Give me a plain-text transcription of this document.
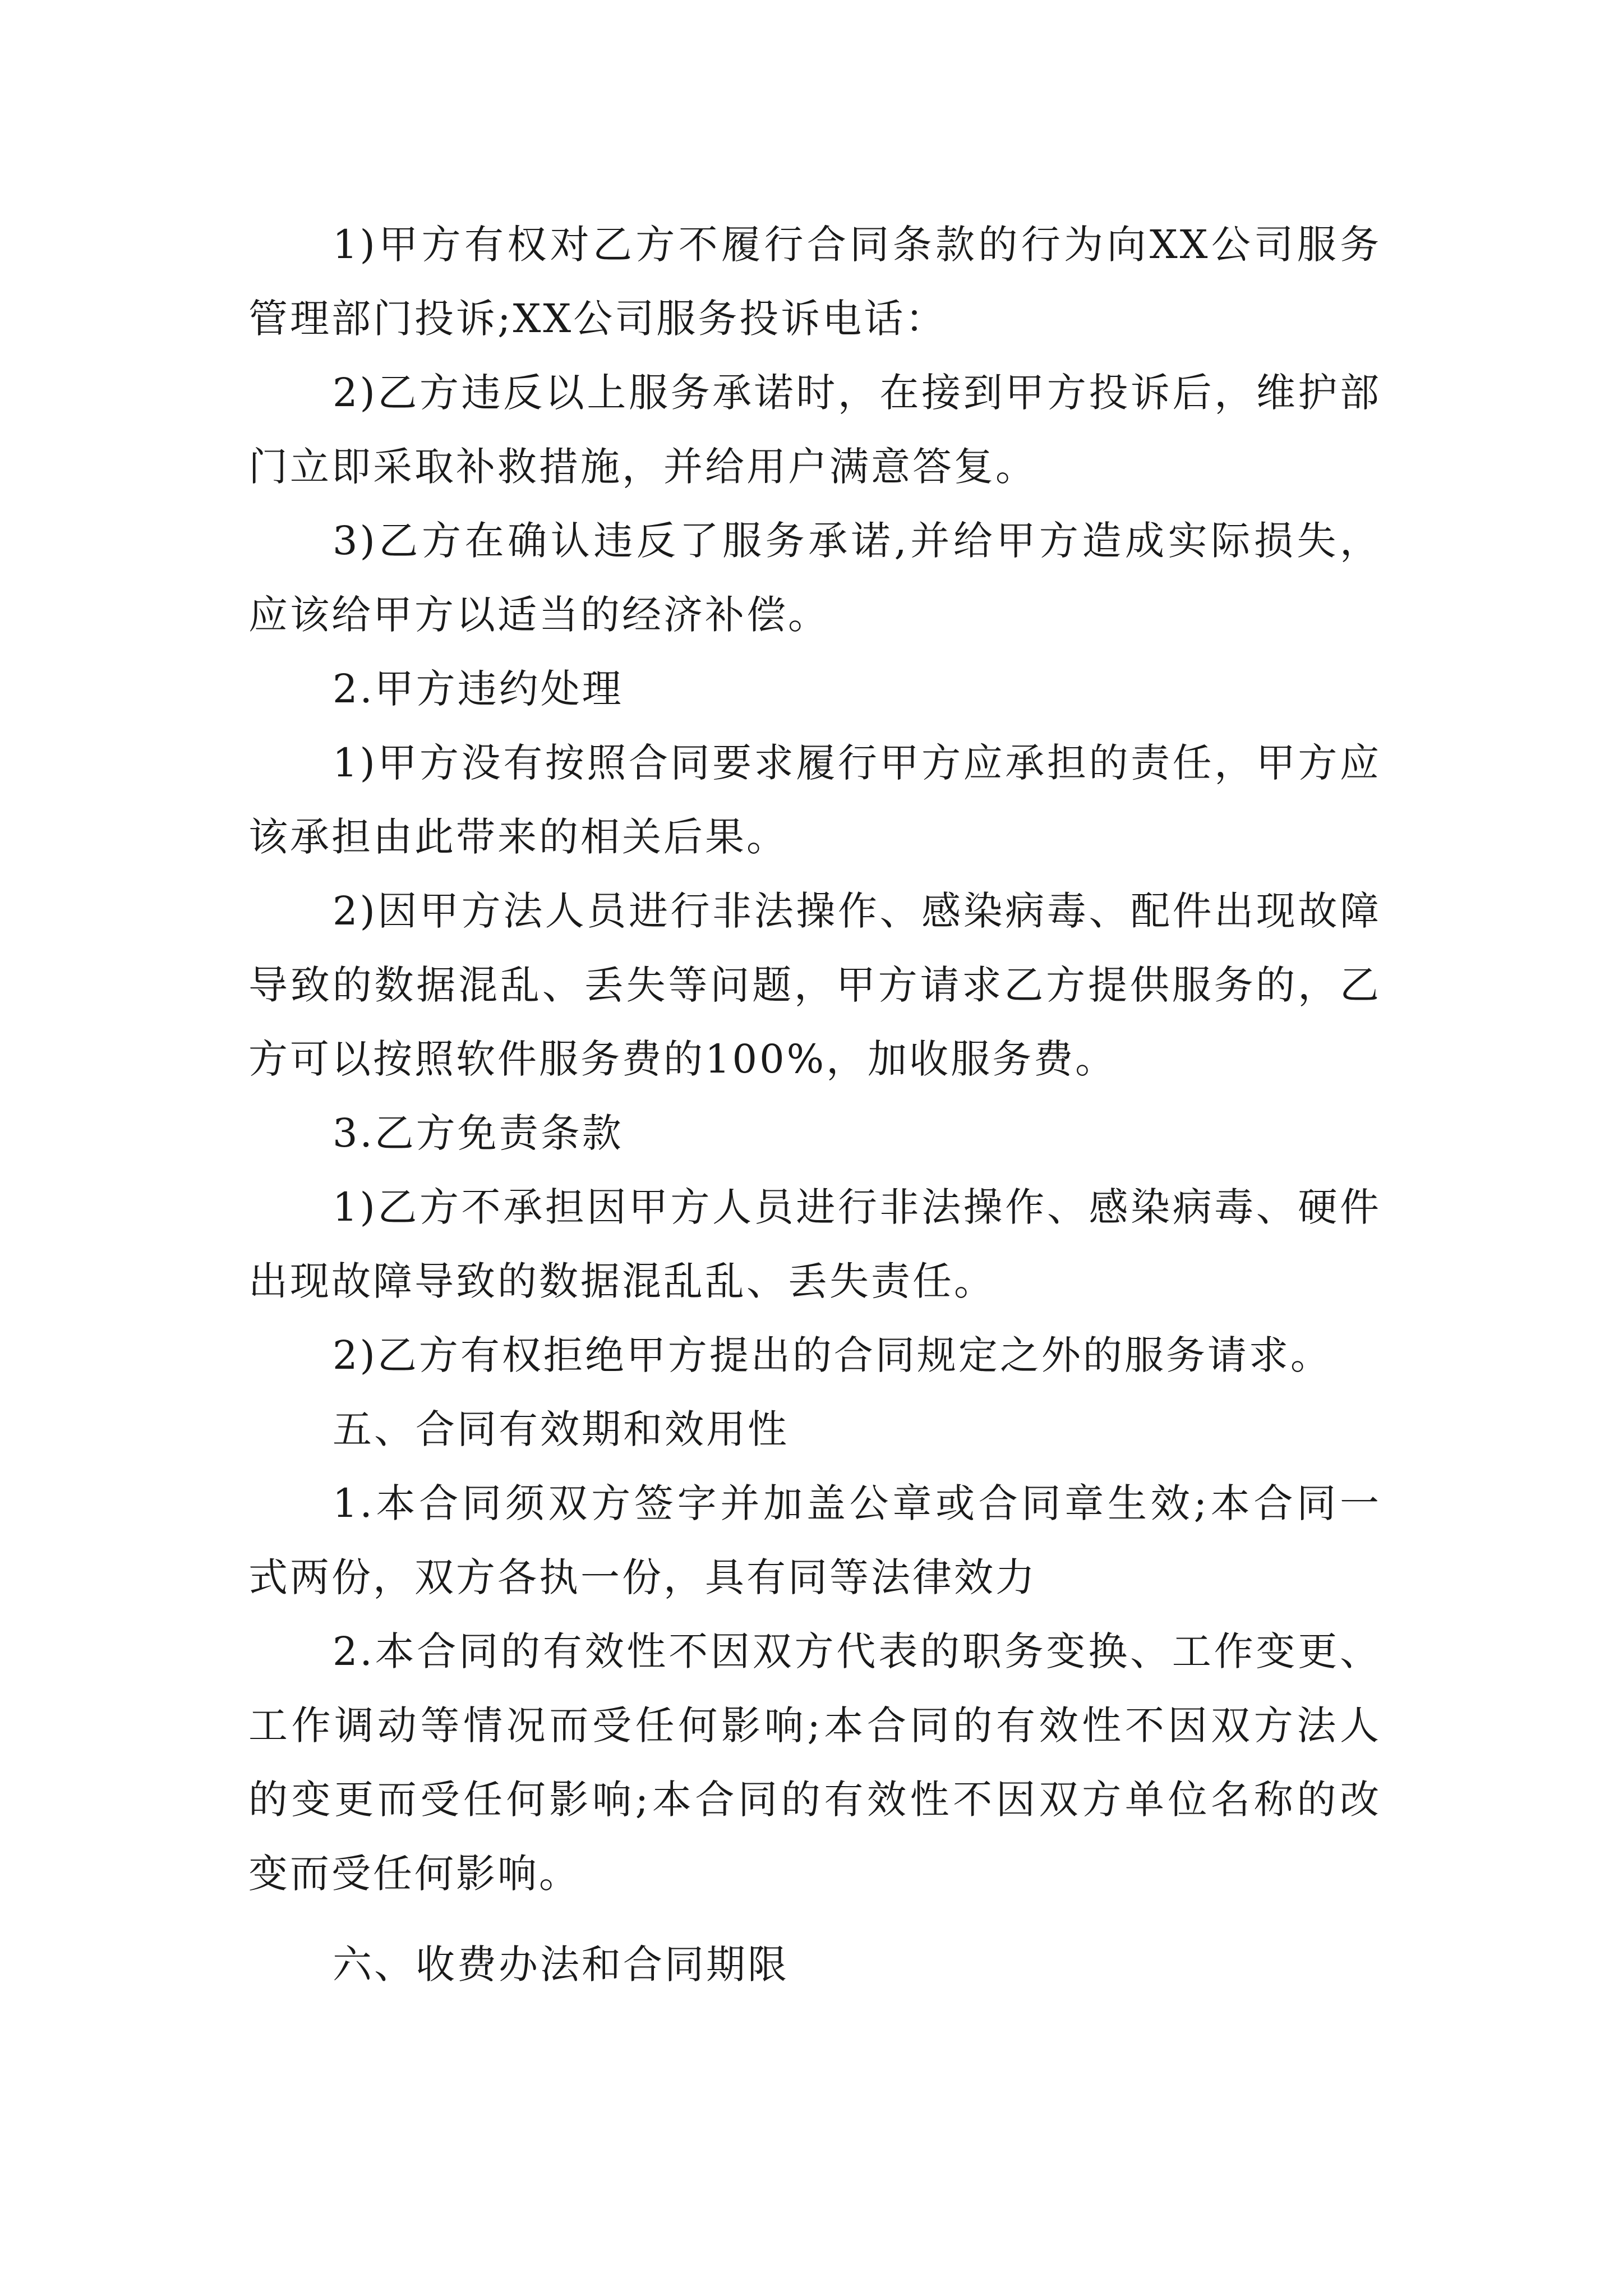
1)甲方有权对乙方不履行合同条款的行为向XX公司服务管理部门投诉;XX公司服务投诉电话：

2)乙方违反以上服务承诺时，在接到甲方投诉后，维护部门立即采取补救措施，并给用户满意答复。

3)乙方在确认违反了服务承诺,并给甲方造成实际损失，应该给甲方以适当的经济补偿。

2.甲方违约处理

1)甲方没有按照合同要求履行甲方应承担的责任，甲方应该承担由此带来的相关后果。

2)因甲方法人员进行非法操作、感染病毒、配件出现故障导致的数据混乱、丢失等问题，甲方请求乙方提供服务的，乙方可以按照软件服务费的100%，加收服务费。

3.乙方免责条款

1)乙方不承担因甲方人员进行非法操作、感染病毒、硬件出现故障导致的数据混乱乱、丢失责任。

2)乙方有权拒绝甲方提出的合同规定之外的服务请求。

五、合同有效期和效用性

1.本合同须双方签字并加盖公章或合同章生效;本合同一式两份，双方各执一份，具有同等法律效力

2.本合同的有效性不因双方代表的职务变换、工作变更、工作调动等情况而受任何影响;本合同的有效性不因双方法人的变更而受任何影响;本合同的有效性不因双方单位名称的改变而受任何影响。

六、收费办法和合同期限
